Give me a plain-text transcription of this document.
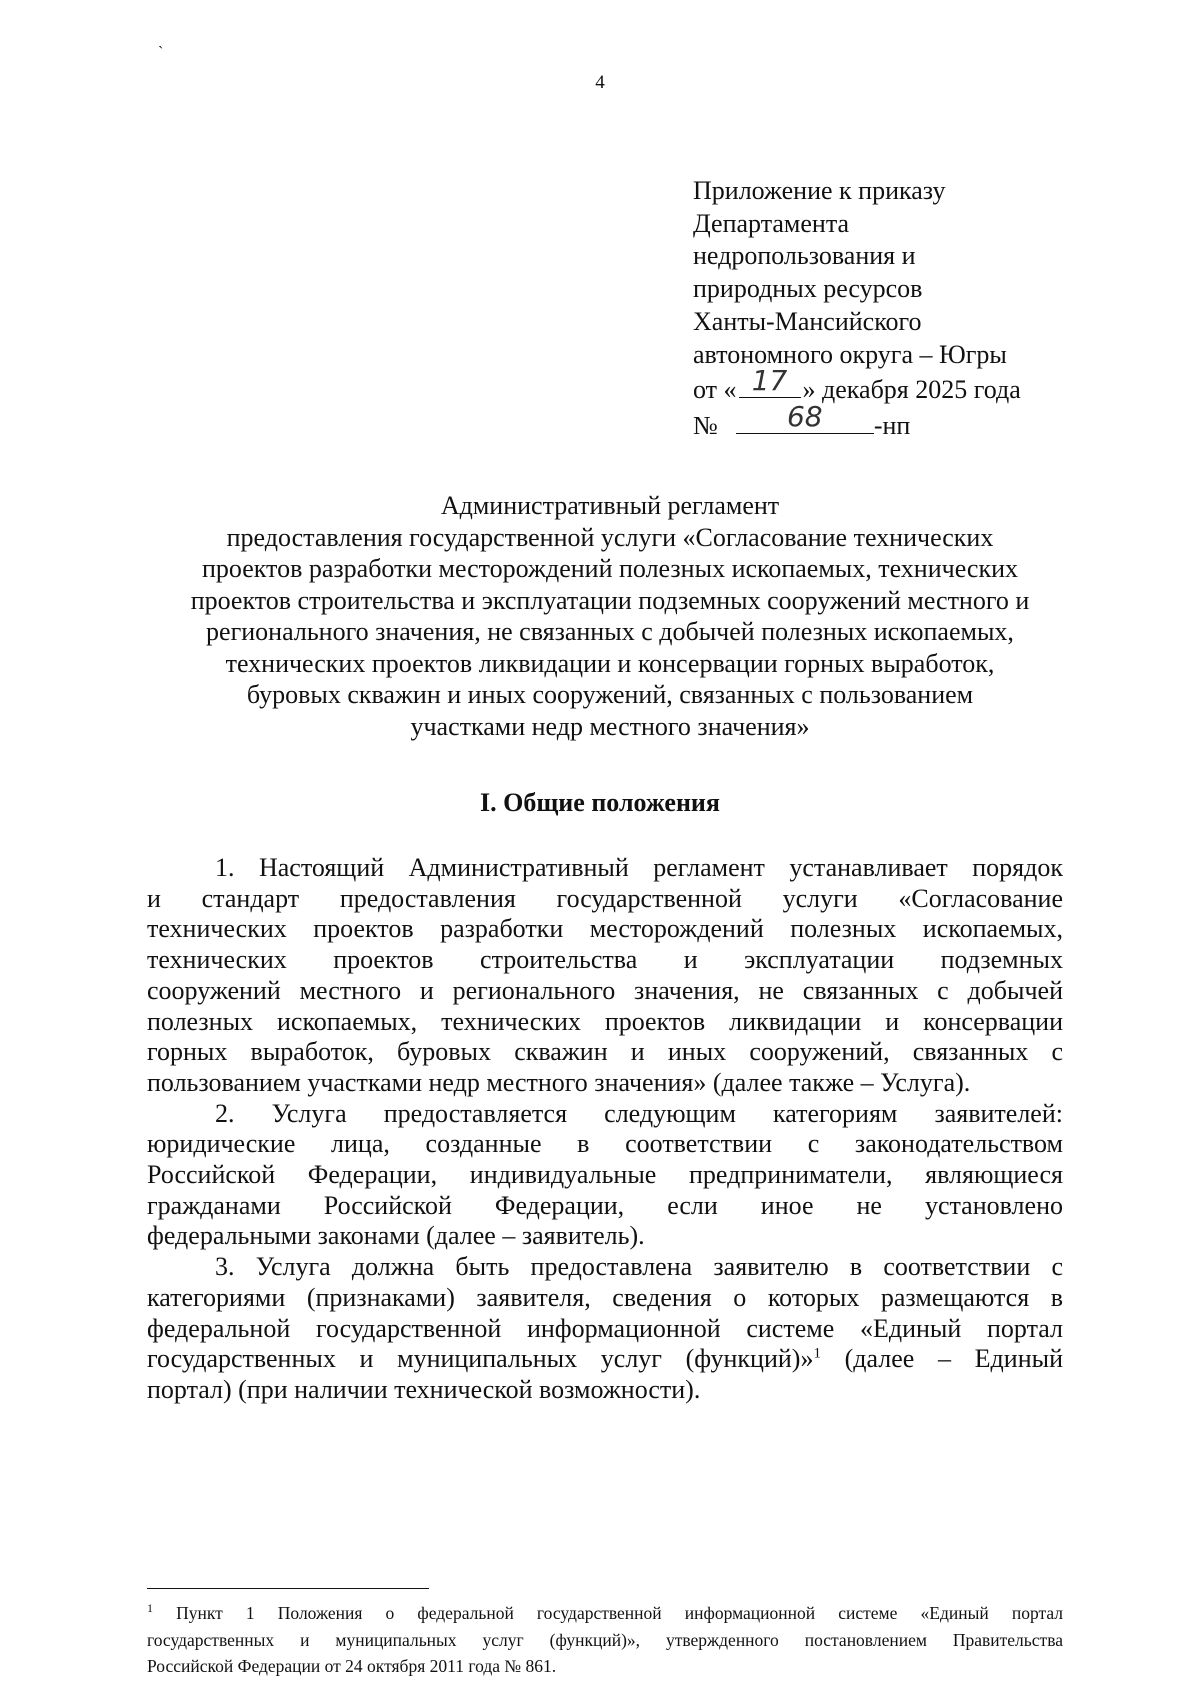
`
4
Приложение к приказу
Департамента
недропользования и
природных ресурсов
Ханты-Мансийского
автономного округа – Югры
от « 17 » декабря 2025 года
№	68	-нп
Административный регламент
предоставления государственной услуги «Согласование технических
проектов разработки месторождений полезных ископаемых, технических
проектов строительства и эксплуатации подземных сооружений местного и
регионального значения, не связанных с добычей полезных ископаемых,
технических проектов ликвидации и консервации горных выработок,
буровых скважин и иных сооружений, связанных с пользованием
участками недр местного значения»
I. Общие положения
1. Настоящий Административный регламент устанавливает порядок
и стандарт предоставления государственной услуги «Согласование
технических проектов разработки месторождений полезных ископаемых,
технических проектов строительства и эксплуатации подземных
сооружений местного и регионального значения, не связанных с добычей
полезных ископаемых, технических проектов ликвидации и консервации
горных выработок, буровых скважин и иных сооружений, связанных с
пользованием участками недр местного значения» (далее также – Услуга).
2. Услуга предоставляется следующим категориям заявителей:
юридические лица, созданные в соответствии с законодательством
Российской Федерации, индивидуальные предприниматели, являющиеся
гражданами Российской Федерации, если иное не установлено
федеральными законами (далее – заявитель).
3. Услуга должна быть предоставлена заявителю в соответствии с
категориями (признаками) заявителя, сведения о которых размещаются в
федеральной государственной информационной системе «Единый портал
государственных и муниципальных услуг (функций)»$^1$ (далее – Единый
портал) (при наличии технической возможности).
$^1$ Пункт 1 Положения о федеральной государственной информационной системе «Единый портал
государственных и муниципальных услуг (функций)», утвержденного постановлением Правительства
Российской Федерации от 24 октября 2011 года № 861.
